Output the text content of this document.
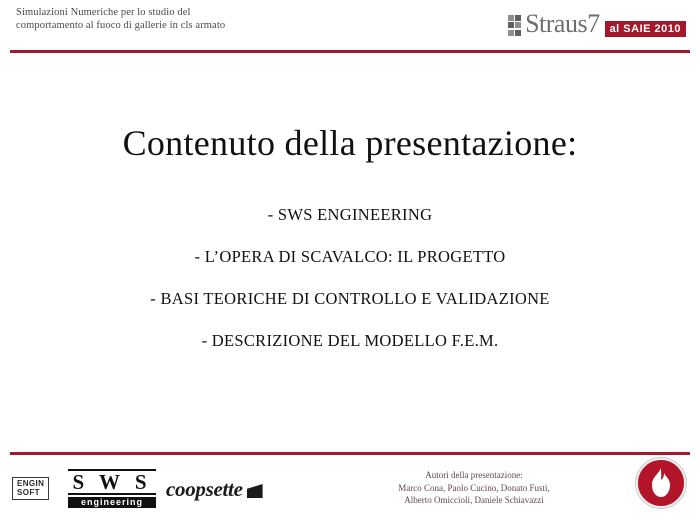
Simulazioni Numeriche per lo studio del
comportamento al fuoco di gallerie in cls armato	Straus7 al SAIE 2010
Contenuto della presentazione:
- SWS ENGINEERING
- L’OPERA DI SCAVALCO: IL PROGETTO
- BASI TEORICHE DI CONTROLLO E VALIDAZIONE
- DESCRIZIONE DEL MODELLO F.E.M.
ENGIN
SOFT	S W S
engineering
coopsette
Autori della presentazione:
Marco Cona, Paolo Cucino, Donato Fusti,
Alberto Omiccioli, Daniele Schiavazzi
